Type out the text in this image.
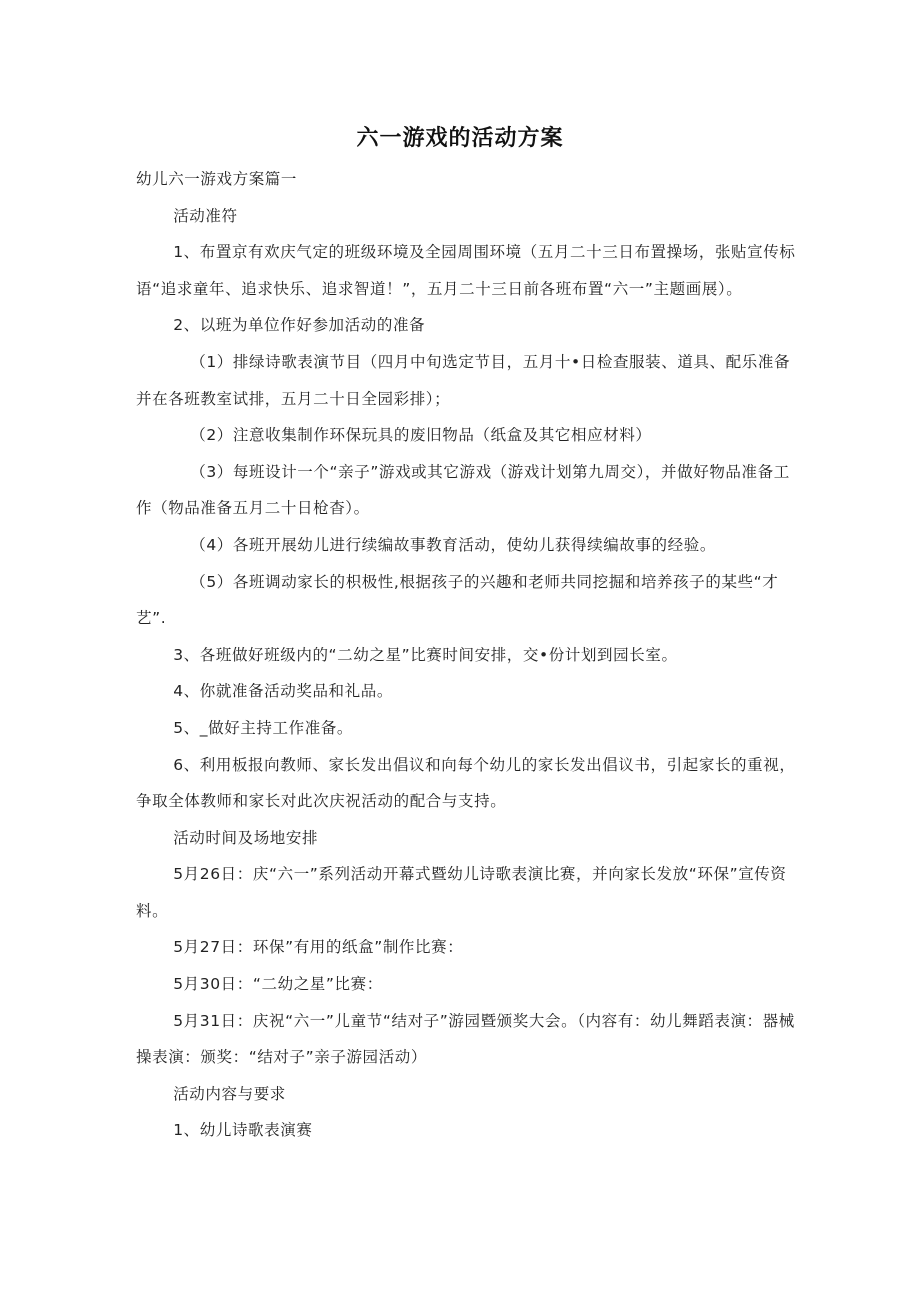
六一游戏的活动方案

幼儿六一游戏方案篇一

活动准符

1、布置京有欢庆气定的班级环境及全园周围环境（五月二十三日布置操场，张贴宣传标语“追求童年、追求快乐、追求智道！”，五月二十三日前各班布置“六一”主题画展）。

2、以班为单位作好参加活动的准备

（1）排绿诗歌表演节目（四月中旬选定节目，五月十•日检查服装、道具、配乐准备并在各班教室试排，五月二十日全园彩排）；

（2）注意收集制作环保玩具的废旧物品（纸盒及其它相应材料）

（3）每班设计一个“亲子”游戏或其它游戏（游戏计划第九周交），并做好物品准备工作（物品准备五月二十日枪杳）。

（4）各班开展幼儿进行续编故事教育活动，使幼儿获得续编故事的经验。

（5）各班调动家长的枳极性,根据孩子的兴趣和老师共同挖掘和培养孩子的某些“才艺”.

3、各班做好班级内的“二幼之星”比赛时间安排，交•份计划到园长室。

4、你就准备活动奖品和礼品。

5、_做好主持工作准备。

6、利用板报向教师、家长发出倡议和向每个幼儿的家长发出倡议书，引起家长的重视，争取全体教师和家长对此次庆祝活动的配合与支持。

活动时间及场地安排

5月26日：庆“六一”系列活动开幕式暨幼儿诗歌表演比赛，并向家长发放“环保”宣传资料。

5月27日：环保”有用的纸盒”制作比赛：

5月30日：“二幼之星”比赛：

5月31日：庆祝“六一”儿童节“结对子”游园暨颁奖大会。（内容有：幼儿舞蹈表演：器械操表演：颁奖：“结对子”亲子游园活动）

活动内容与要求

1、幼儿诗歌表演赛
